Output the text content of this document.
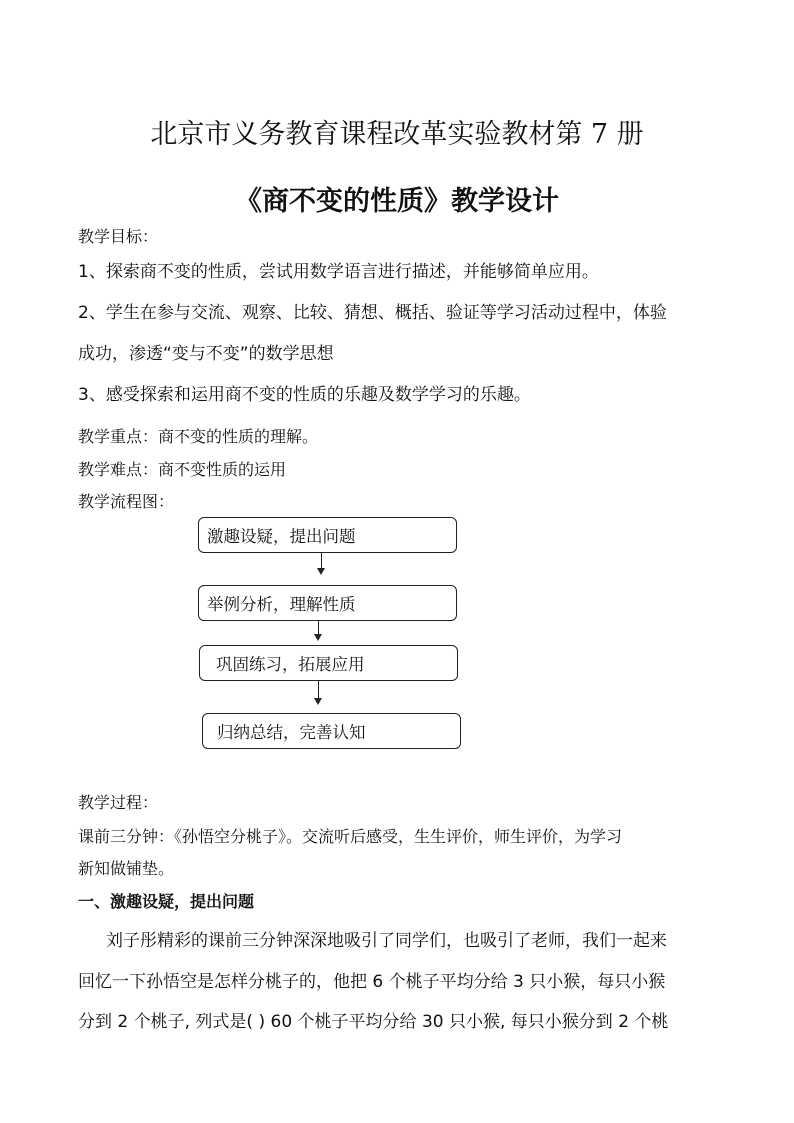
北京市义务教育课程改革实验教材第 7 册
《商不变的性质》教学设计
教学目标：
1、探索商不变的性质，尝试用数学语言进行描述，并能够简单应用。
2、学生在参与交流、观察、比较、猜想、概括、验证等学习活动过程中，体验
成功，渗透“变与不变”的数学思想
3、感受探索和运用商不变的性质的乐趣及数学学习的乐趣。
教学重点：商不变的性质的理解。
教学难点：商不变性质的运用
教学流程图：
激趣设疑，提出问题
举例分析，理解性质
巩固练习，拓展应用
归纳总结，完善认知
教学过程：
课前三分钟：《孙悟空分桃子》。交流听后感受，生生评价，师生评价，为学习
新知做铺垫。
一、激趣设疑，提出问题
刘子彤精彩的课前三分钟深深地吸引了同学们，也吸引了老师，我们一起来
回忆一下孙悟空是怎样分桃子的，他把 6 个桃子平均分给 3 只小猴，每只小猴
分到 2 个桃子, 列式是( ) 60 个桃子平均分给 30 只小猴, 每只小猴分到 2 个桃
